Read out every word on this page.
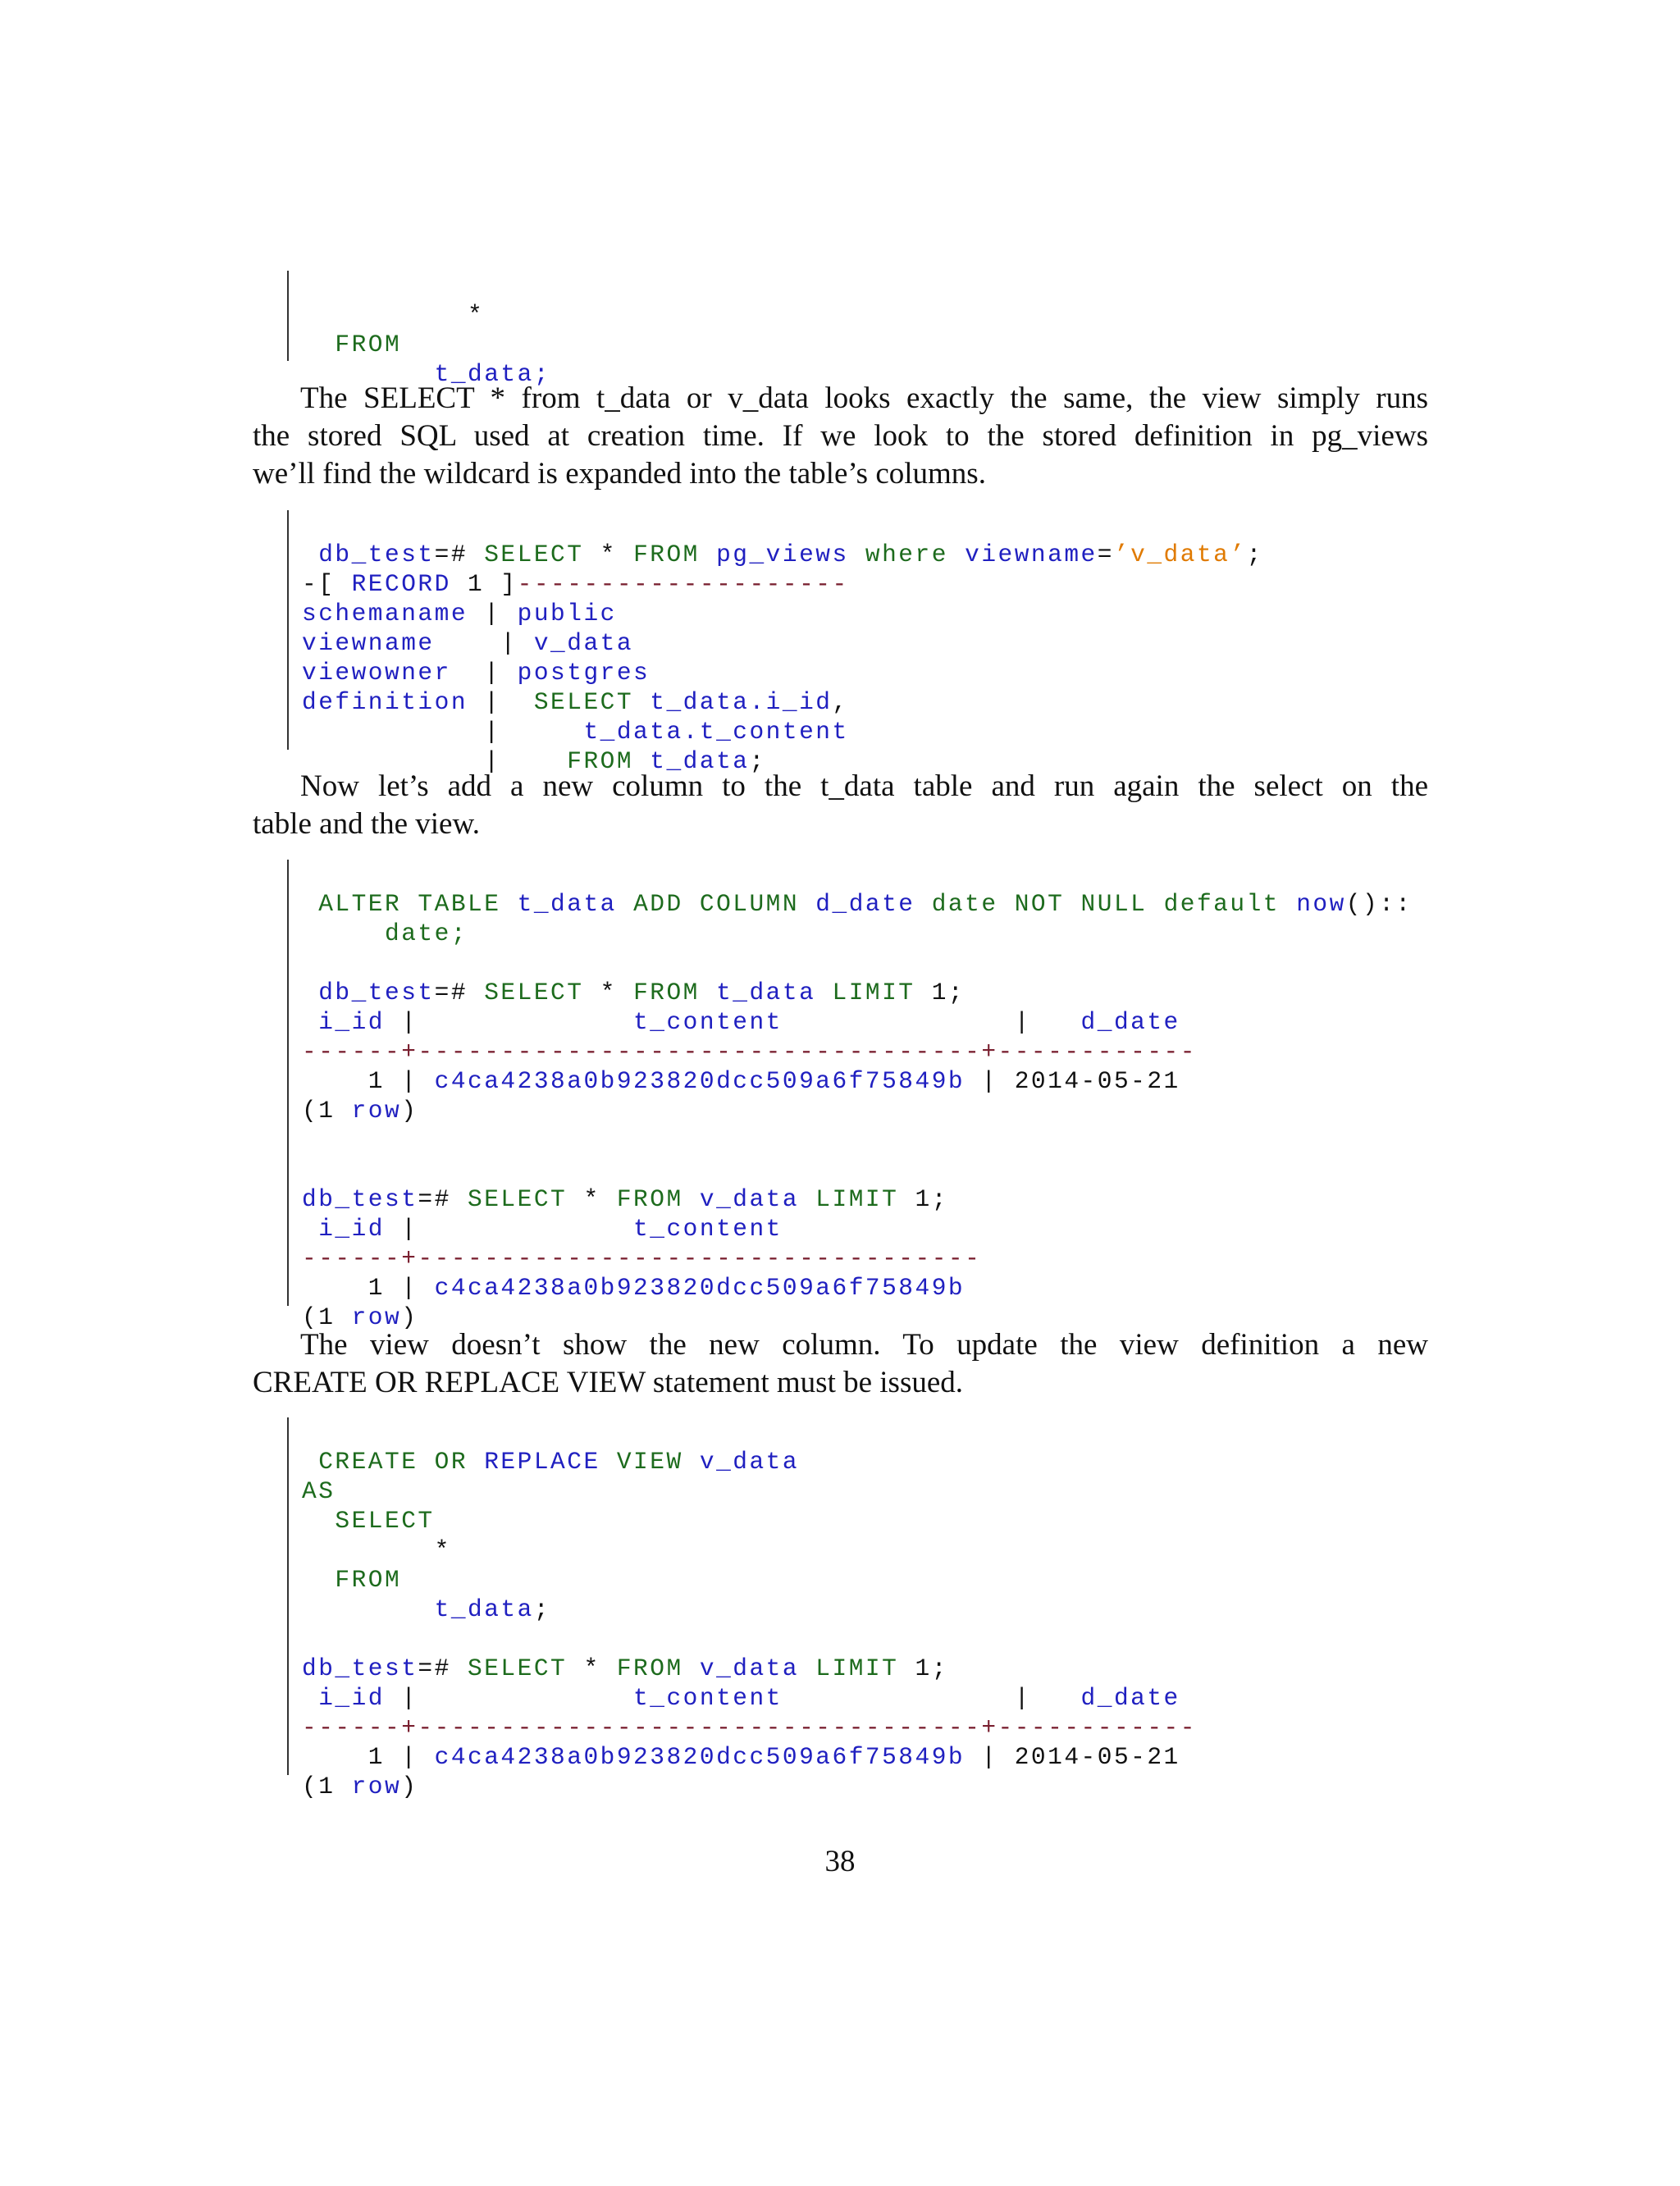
*
FROM
t_data;
The SELECT * from t_data or v_data looks exactly the same, the view simply runs
the stored SQL used at creation time. If we look to the stored definition in pg_views
we’ll find the wildcard is expanded into the table’s columns.

db_test=# SELECT * FROM pg_views where viewname=’v_data’;
-[ RECORD 1 ]--------------------
schemaname | public
viewname    | v_data
viewowner  | postgres
definition |  SELECT t_data.i_id,
|     t_data.t_content
|    FROM t_data;
Now let’s add a new column to the t_data table and run again the select on the
table and the view.

ALTER TABLE t_data ADD COLUMN d_date date NOT NULL default now()::
date;
db_test=# SELECT * FROM t_data LIMIT 1;
i_id |             t_content              |   d_date
------+----------------------------------+------------
1 | c4ca4238a0b923820dcc509a6f75849b | 2014-05-21
(1 row)
db_test=# SELECT * FROM v_data LIMIT 1;
i_id |             t_content
------+----------------------------------
1 | c4ca4238a0b923820dcc509a6f75849b
(1 row)
The view doesn’t show the new column. To update the view definition a new
CREATE OR REPLACE VIEW statement must be issued.

CREATE OR REPLACE VIEW v_data
AS
SELECT
*
FROM
t_data;
db_test=# SELECT * FROM v_data LIMIT 1;
i_id |             t_content              |   d_date
------+----------------------------------+------------
1 | c4ca4238a0b923820dcc509a6f75849b | 2014-05-21
(1 row)
38
